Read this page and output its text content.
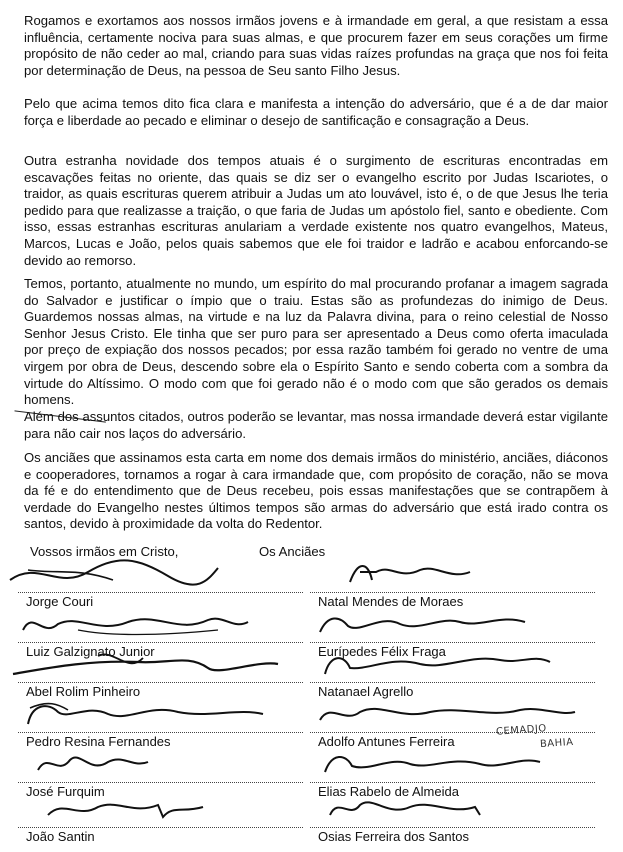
Rogamos e exortamos aos nossos irmãos jovens e à irmandade em geral, a que resistam a essa influência, certamente nociva para suas almas, e que procurem fazer em seus corações um firme propósito de não ceder ao mal, criando para suas vidas raízes profundas na graça que nos foi feita por determinação de Deus, na pessoa de Seu santo Filho Jesus.

Pelo que acima temos dito fica clara e manifesta a intenção do adversário, que é a de dar maior força e liberdade ao pecado e eliminar o desejo de santificação e consagração a Deus.

Outra estranha novidade dos tempos atuais é o surgimento de escrituras encontradas em escavações feitas no oriente, das quais se diz ser o evangelho escrito por Judas Iscariotes, o traidor, as quais escrituras querem atribuir a Judas um ato louvável, isto é, o de que Jesus lhe teria pedido para que realizasse a traição, o que faria de Judas um apóstolo fiel, santo e obediente. Com isso, essas estranhas escrituras anulariam a verdade existente nos quatro evangelhos, Mateus, Marcos, Lucas e João, pelos quais sabemos que ele foi traidor e ladrão e acabou enforcando-se devido ao remorso.

Temos, portanto, atualmente no mundo, um espírito do mal procurando profanar a imagem sagrada do Salvador e justificar o ímpio que o traiu. Estas são as profundezas do inimigo de Deus. Guardemos nossas almas, na virtude e na luz da Palavra divina, para o reino celestial de Nosso Senhor Jesus Cristo. Ele tinha que ser puro para ser apresentado a Deus como oferta imaculada por preço de expiação dos nossos pecados; por essa razão também foi gerado no ventre de uma virgem por obra de Deus, descendo sobre ela o Espírito Santo e sendo coberta com a sombra da virtude do Altíssimo. O modo com que foi gerado não é o modo com que são gerados os demais homens.

Além dos assuntos citados, outros poderão se levantar, mas nossa irmandade deverá estar vigilante para não cair nos laços do adversário.

Os anciães que assinamos esta carta em nome dos demais irmãos do ministério, anciães, diáconos e cooperadores, tornamos a rogar à cara irmandade que, com propósito de coração, não se mova da fé e do entendimento que de Deus recebeu, pois essas manifestações que se contrapõem à verdade do Evangelho nestes últimos tempos são armas do adversário que está irado contra os santos, devido à proximidade da volta do Redentor.

Vossos irmãos em Cristo,	Os Anciães
Jorge Couri
Luiz Galzignato Junior
Abel Rolim Pinheiro
Pedro Resina Fernandes
José Furquim
João Santin
Natal Mendes de Moraes
Eurípedes Félix Fraga
Natanael Agrello
Adolfo Antunes Ferreira
CEMADJO
BAHIA
Elias Rabelo de Almeida
Osias Ferreira dos Santos
